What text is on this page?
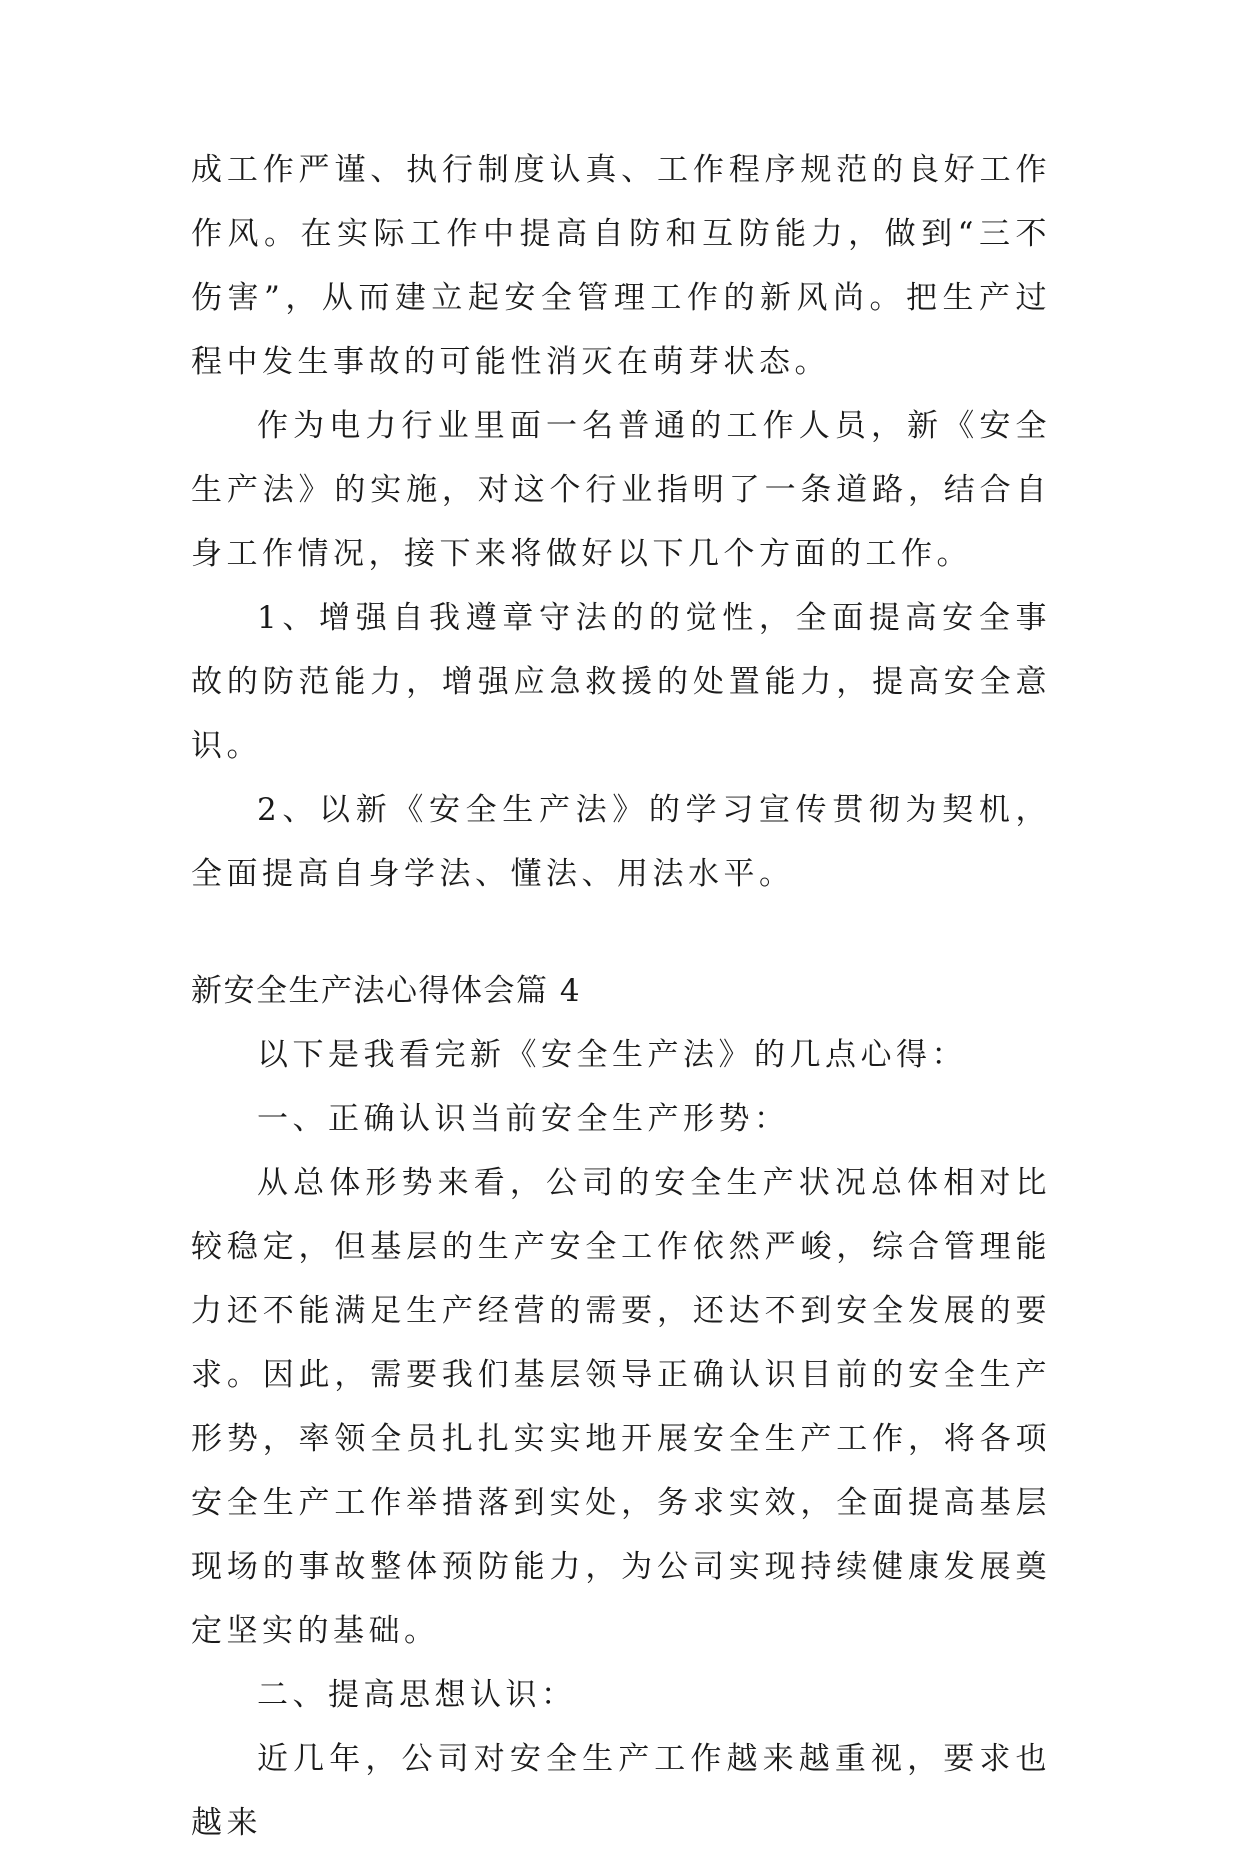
成工作严谨、执行制度认真、工作程序规范的良好工作作风。在实际工作中提高自防和互防能力，做到“三不伤害”，从而建立起安全管理工作的新风尚。把生产过程中发生事故的可能性消灭在萌芽状态。

作为电力行业里面一名普通的工作人员，新《安全生产法》的实施，对这个行业指明了一条道路，结合自身工作情况，接下来将做好以下几个方面的工作。

1、增强自我遵章守法的的觉性，全面提高安全事故的防范能力，增强应急救援的处置能力，提高安全意识。

2、以新《安全生产法》的学习宣传贯彻为契机，全面提高自身学法、懂法、用法水平。

新安全生产法心得体会篇 4

以下是我看完新《安全生产法》的几点心得：

一、正确认识当前安全生产形势：

从总体形势来看，公司的安全生产状况总体相对比较稳定，但基层的生产安全工作依然严峻，综合管理能力还不能满足生产经营的需要，还达不到安全发展的要求。因此，需要我们基层领导正确认识目前的安全生产形势，率领全员扎扎实实地开展安全生产工作，将各项安全生产工作举措落到实处，务求实效，全面提高基层现场的事故整体预防能力，为公司实现持续健康发展奠定坚实的基础。

二、提高思想认识：

近几年，公司对安全生产工作越来越重视，要求也越来
